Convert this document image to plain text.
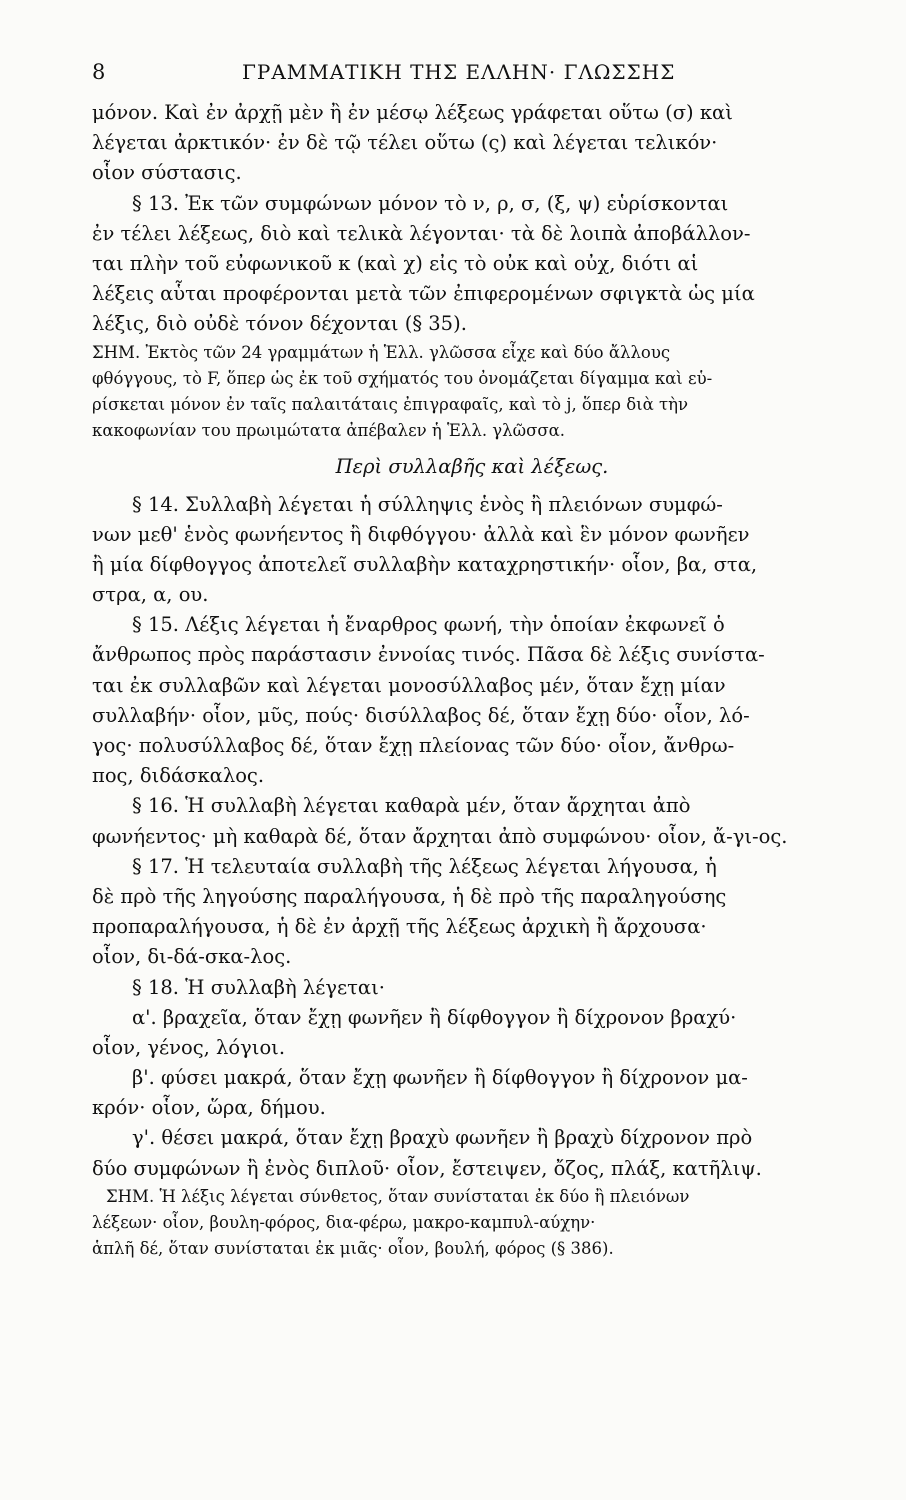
8	ΓΡΑΜΜΑΤΙΚΗ ΤΗΣ ΕΛΛΗΝ· ΓΛΩΣΣΗΣ
μόνον. Καὶ ἐν ἀρχῇ μὲν ἢ ἐν μέσῳ λέξεως γράφεται οὕτω (σ) καὶ
λέγεται ἀρκτικόν· ἐν δὲ τῷ τέλει οὕτω (ς) καὶ λέγεται τελικόν·
οἷον σύστασις.
§ 13. Ἐκ τῶν συμφώνων μόνον τὸ ν, ρ, σ, (ξ, ψ) εὑρίσκονται
ἐν τέλει λέξεως, διὸ καὶ τελικὰ λέγονται· τὰ δὲ λοιπὰ ἀποβάλλον-
ται πλὴν τοῦ εὐφωνικοῦ κ (καὶ χ) εἰς τὸ οὐκ καὶ οὐχ, διότι αἱ
λέξεις αὗται προφέρονται μετὰ τῶν ἐπιφερομένων σφιγκτὰ ὡς μία
λέξις, διὸ οὐδὲ τόνον δέχονται (§ 35).
ΣΗΜ. Ἐκτὸς τῶν 24 γραμμάτων ἡ Ἑλλ. γλῶσσα εἶχε καὶ δύο ἄλλους
φθόγγους, τὸ F, ὅπερ ὡς ἐκ τοῦ σχήματός του ὀνομάζεται δίγαμμα καὶ εὑ-
ρίσκεται μόνον ἐν ταῖς παλαιτάταις ἐπιγραφαῖς, καὶ τὸ j, ὅπερ διὰ τὴν
κακοφωνίαν του πρωιμώτατα ἀπέβαλεν ἡ Ἑλλ. γλῶσσα.
Περὶ συλλαβῆς καὶ λέξεως.
§ 14. Συλλαβὴ λέγεται ἡ σύλληψις ἑνὸς ἢ πλειόνων συμφώ-
νων μεθ' ἑνὸς φωνήεντος ἢ διφθόγγου· ἀλλὰ καὶ ἓν μόνον φωνῆεν
ἢ μία δίφθογγος ἀποτελεῖ συλλαβὴν καταχρηστικήν· οἷον, βα, στα,
στρα, α, ου.
§ 15. Λέξις λέγεται ἡ ἔναρθρος φωνή, τὴν ὁποίαν ἐκφωνεῖ ὁ
ἄνθρωπος πρὸς παράστασιν ἐννοίας τινός. Πᾶσα δὲ λέξις συνίστα-
ται ἐκ συλλαβῶν καὶ λέγεται μονοσύλλαβος μέν, ὅταν ἔχῃ μίαν
συλλαβήν· οἷον, μῦς, πούς· δισύλλαβος δέ, ὅταν ἔχῃ δύο· οἷον, λό-
γος· πολυσύλλαβος δέ, ὅταν ἔχῃ πλείονας τῶν δύο· οἷον, ἄνθρω-
πος, διδάσκαλος.
§ 16. Ἡ συλλαβὴ λέγεται καθαρὰ μέν, ὅταν ἄρχηται ἀπὸ
φωνήεντος· μὴ καθαρὰ δέ, ὅταν ἄρχηται ἀπὸ συμφώνου· οἷον, ἄ-γι-ος.
§ 17. Ἡ τελευταία συλλαβὴ τῆς λέξεως λέγεται λήγουσα, ἡ
δὲ πρὸ τῆς ληγούσης παραλήγουσα, ἡ δὲ πρὸ τῆς παραληγούσης
προπαραλήγουσα, ἡ δὲ ἐν ἀρχῇ τῆς λέξεως ἀρχικὴ ἢ ἄρχουσα·
οἷον, δι-δά-σκα-λος.
§ 18. Ἡ συλλαβὴ λέγεται·
α'. βραχεῖα, ὅταν ἔχῃ φωνῆεν ἢ δίφθογγον ἢ δίχρονον βραχύ·
οἷον, γένος, λόγιοι.
β'. φύσει μακρά, ὅταν ἔχῃ φωνῆεν ἢ δίφθογγον ἢ δίχρονον μα-
κρόν· οἷον, ὥρα, δήμου.
γ'. θέσει μακρά, ὅταν ἔχῃ βραχὺ φωνῆεν ἢ βραχὺ δίχρονον πρὸ
δύο συμφώνων ἢ ἑνὸς διπλοῦ· οἷον, ἔστειψεν, ὄζος, πλάξ, κατῆλιψ.
ΣΗΜ. Ἡ λέξις λέγεται σύνθετος, ὅταν συνίσταται ἐκ δύο ἢ πλειόνων
λέξεων· οἷον, βουλη-φόρος, δια-φέρω, μακρο-καμπυλ-αύχην·
ἁπλῆ δέ, ὅταν συνίσταται ἐκ μιᾶς· οἷον, βουλή, φόρος (§ 386).
